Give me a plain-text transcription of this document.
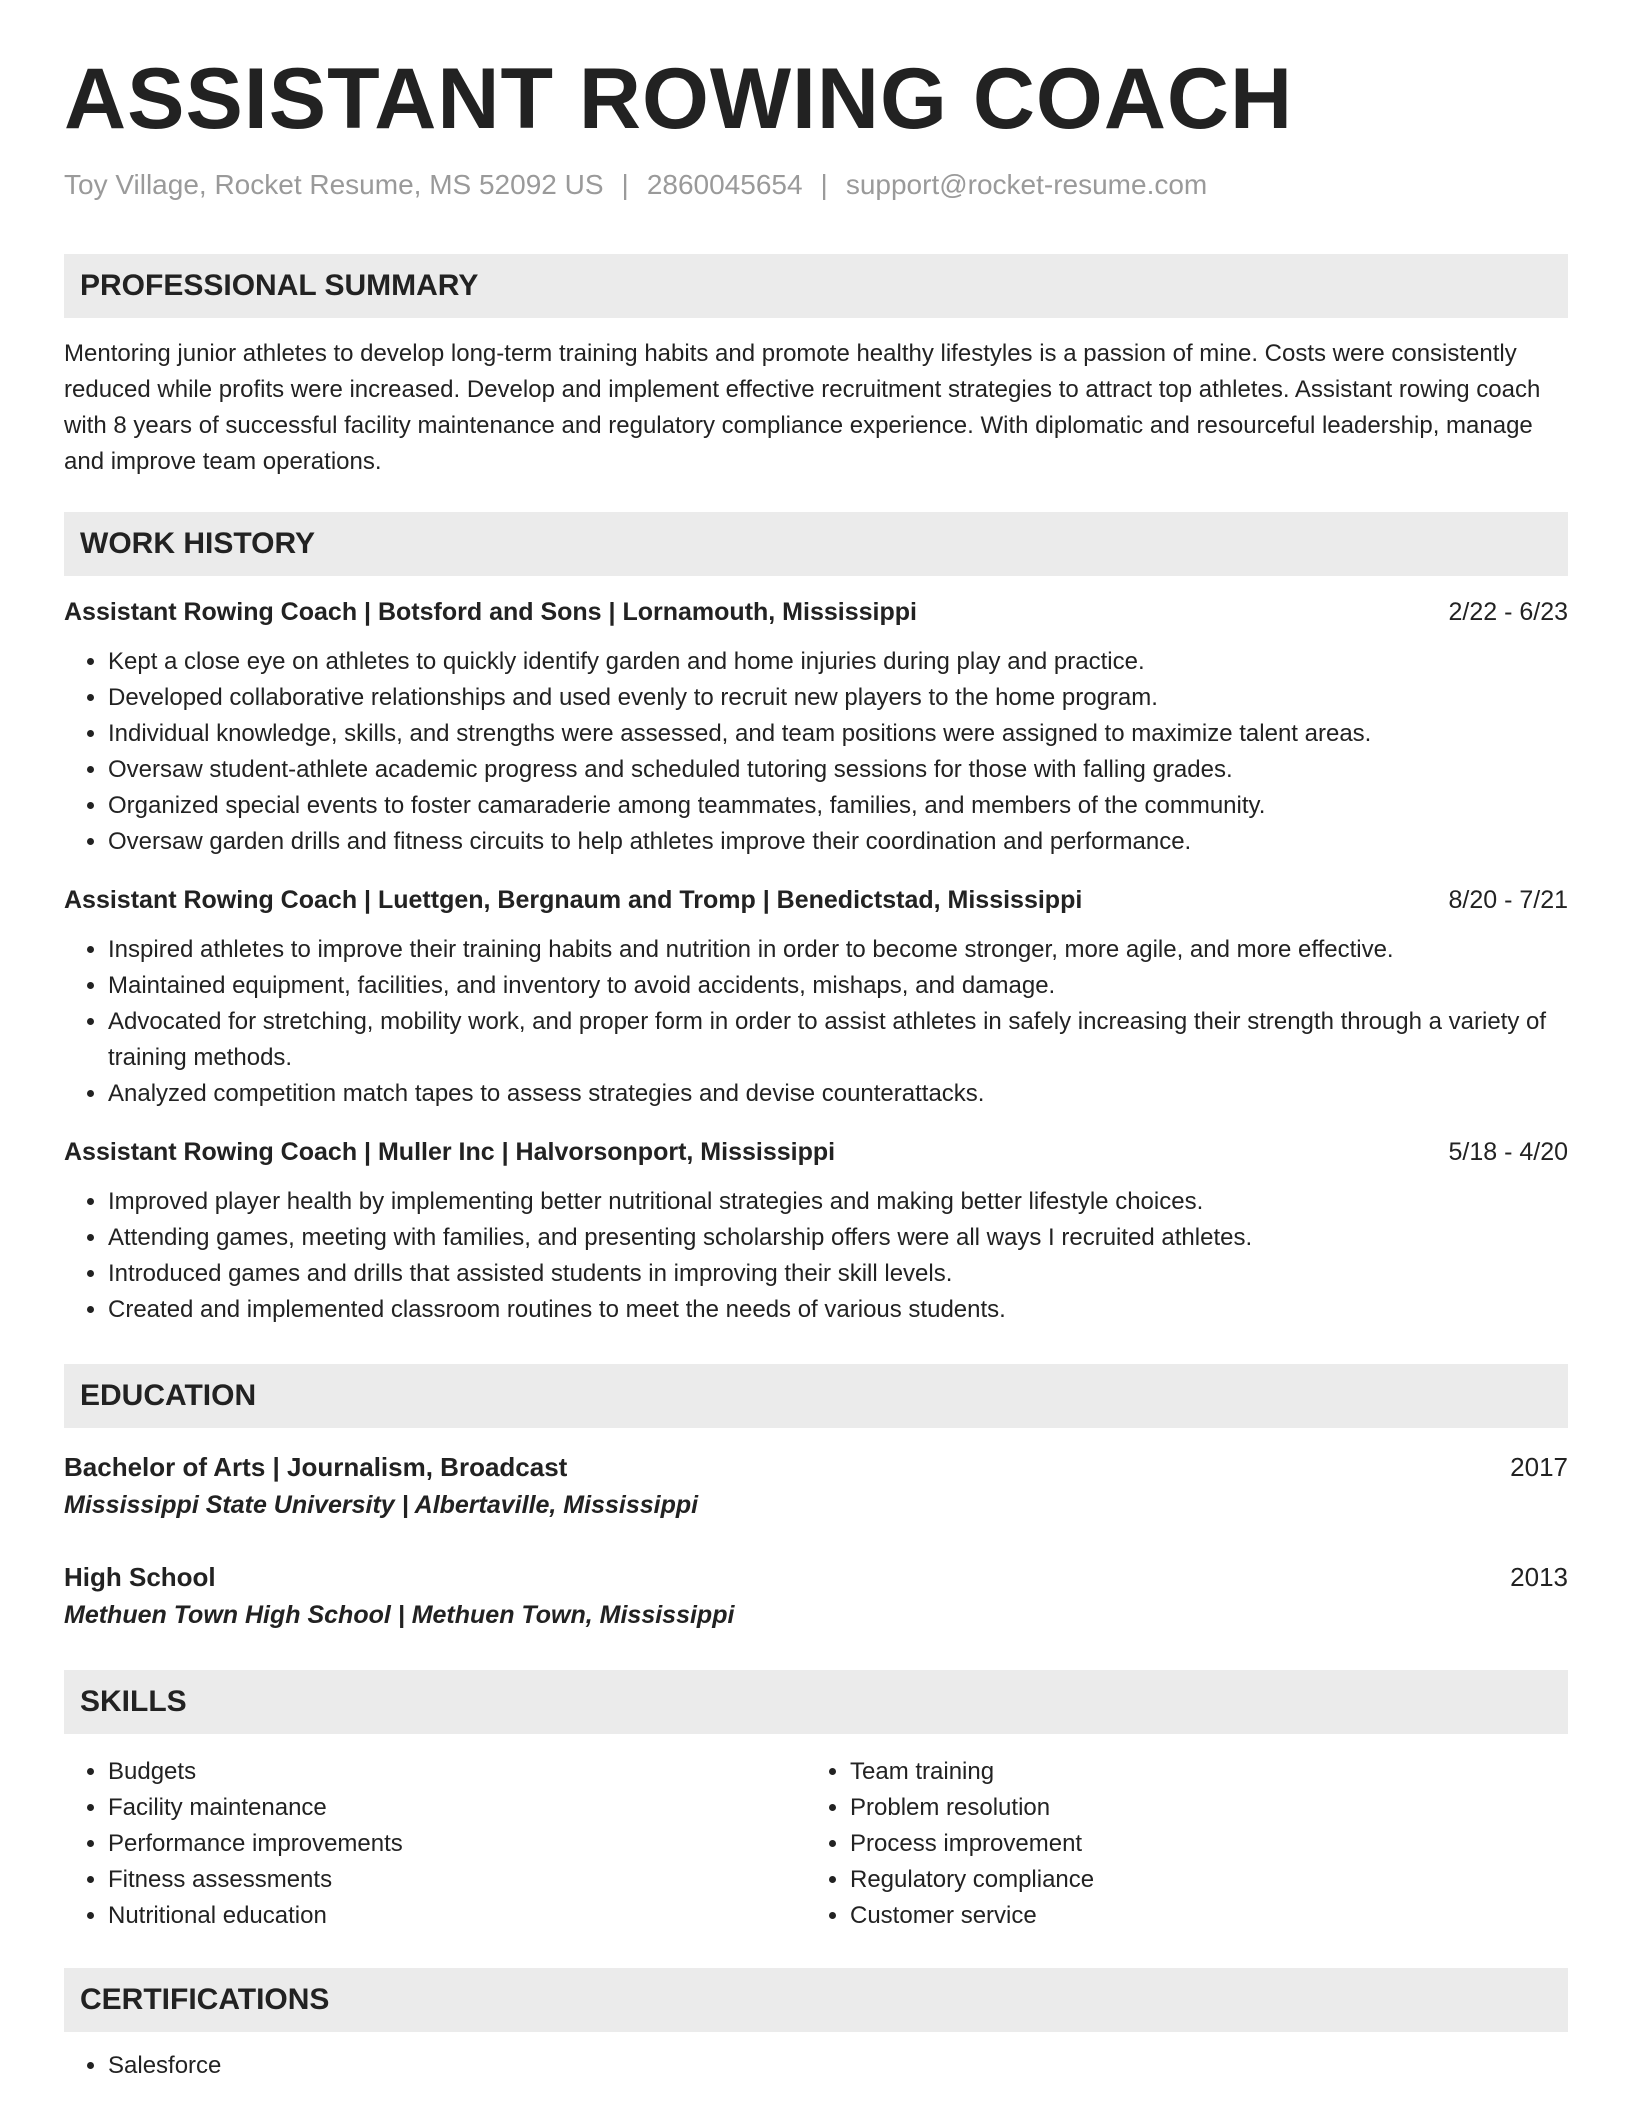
ASSISTANT ROWING COACH
Toy Village, Rocket Resume, MS 52092 US | 2860045654 | support@rocket-resume.com
PROFESSIONAL SUMMARY
Mentoring junior athletes to develop long-term training habits and promote healthy lifestyles is a passion of mine. Costs were consistently reduced while profits were increased. Develop and implement effective recruitment strategies to attract top athletes. Assistant rowing coach with 8 years of successful facility maintenance and regulatory compliance experience. With diplomatic and resourceful leadership, manage and improve team operations.
WORK HISTORY
Assistant Rowing Coach | Botsford and Sons | Lornamouth, Mississippi	2/22 - 6/23
• Kept a close eye on athletes to quickly identify garden and home injuries during play and practice.
• Developed collaborative relationships and used evenly to recruit new players to the home program.
• Individual knowledge, skills, and strengths were assessed, and team positions were assigned to maximize talent areas.
• Oversaw student-athlete academic progress and scheduled tutoring sessions for those with falling grades.
• Organized special events to foster camaraderie among teammates, families, and members of the community.
• Oversaw garden drills and fitness circuits to help athletes improve their coordination and performance.
Assistant Rowing Coach | Luettgen, Bergnaum and Tromp | Benedictstad, Mississippi	8/20 - 7/21
• Inspired athletes to improve their training habits and nutrition in order to become stronger, more agile, and more effective.
• Maintained equipment, facilities, and inventory to avoid accidents, mishaps, and damage.
• Advocated for stretching, mobility work, and proper form in order to assist athletes in safely increasing their strength through a variety of training methods.
• Analyzed competition match tapes to assess strategies and devise counterattacks.
Assistant Rowing Coach | Muller Inc | Halvorsonport, Mississippi	5/18 - 4/20
• Improved player health by implementing better nutritional strategies and making better lifestyle choices.
• Attending games, meeting with families, and presenting scholarship offers were all ways I recruited athletes.
• Introduced games and drills that assisted students in improving their skill levels.
• Created and implemented classroom routines to meet the needs of various students.
EDUCATION
Bachelor of Arts | Journalism, Broadcast	2017
Mississippi State University | Albertaville, Mississippi
High School	2013
Methuen Town High School | Methuen Town, Mississippi
SKILLS
• Budgets
• Facility maintenance
• Performance improvements
• Fitness assessments
• Nutritional education
• Team training
• Problem resolution
• Process improvement
• Regulatory compliance
• Customer service
CERTIFICATIONS
• Salesforce
